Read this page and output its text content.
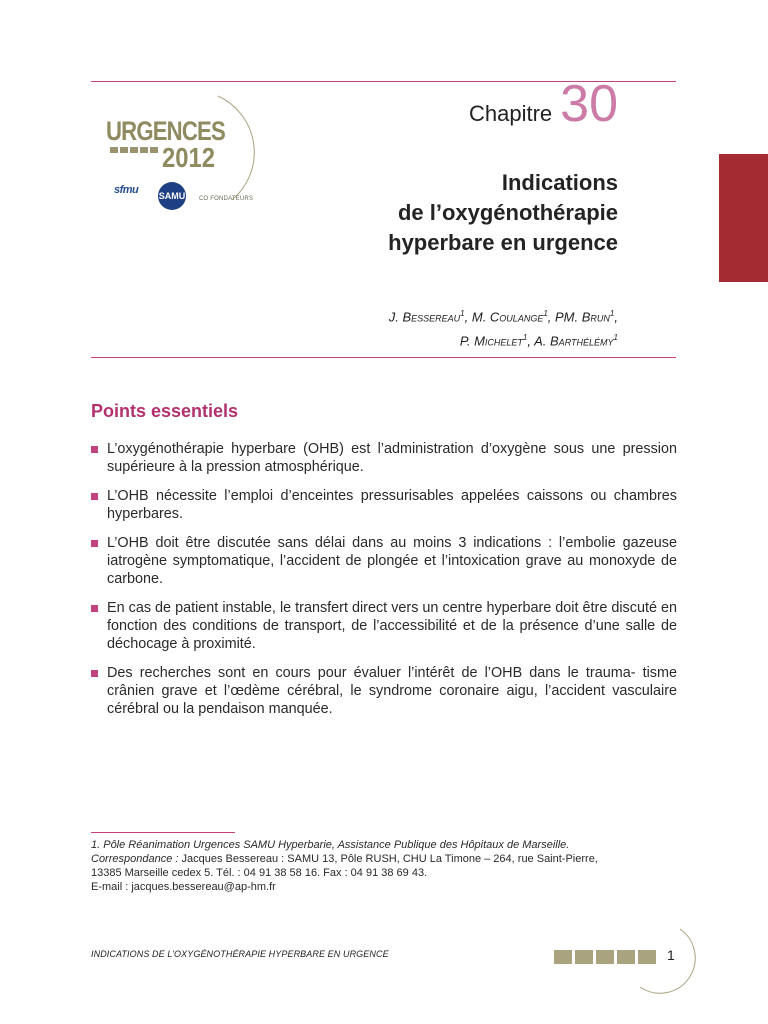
URGENCES
2012
sfmu SAMU CO FONDATEURS
Chapitre 30
Indications
de l’oxygénothérapie
hyperbare en urgence
J. Bessereau$^1$, M. Coulange$^1$, PM. Brun$^1$,
P. Michelet$^1$, A. Barthélémy$^1$
Points essentiels
L’oxygénothérapie hyperbare (OHB) est l’administration d’oxygène sous une pression supérieure à la pression atmosphérique.
L’OHB nécessite l’emploi d’enceintes pressurisables appelées caissons ou chambres hyperbares.
L’OHB doit être discutée sans délai dans au moins 3 indications : l’embolie gazeuse iatrogène symptomatique, l’accident de plongée et l’intoxication grave au monoxyde de carbone.
En cas de patient instable, le transfert direct vers un centre hyperbare doit être discuté en fonction des conditions de transport, de l’accessibilité et de la présence d’une salle de déchocage à proximité.
Des recherches sont en cours pour évaluer l’intérêt de l’OHB dans le trauma- tisme crânien grave et l’œdème cérébral, le syndrome coronaire aigu, l’accident vasculaire cérébral ou la pendaison manquée.
1. Pôle Réanimation Urgences SAMU Hyperbarie, Assistance Publique des Hôpitaux de Marseille.
Correspondance : Jacques Bessereau : SAMU 13, Pôle RUSH, CHU La Timone – 264, rue Saint-Pierre,
13385 Marseille cedex 5. Tél. : 04 91 38 58 16. Fax : 04 91 38 69 43.
E-mail : jacques.bessereau@ap-hm.fr
INDICATIONS DE L’OXYGÉNOTHÉRAPIE HYPERBARE EN URGENCE	1
